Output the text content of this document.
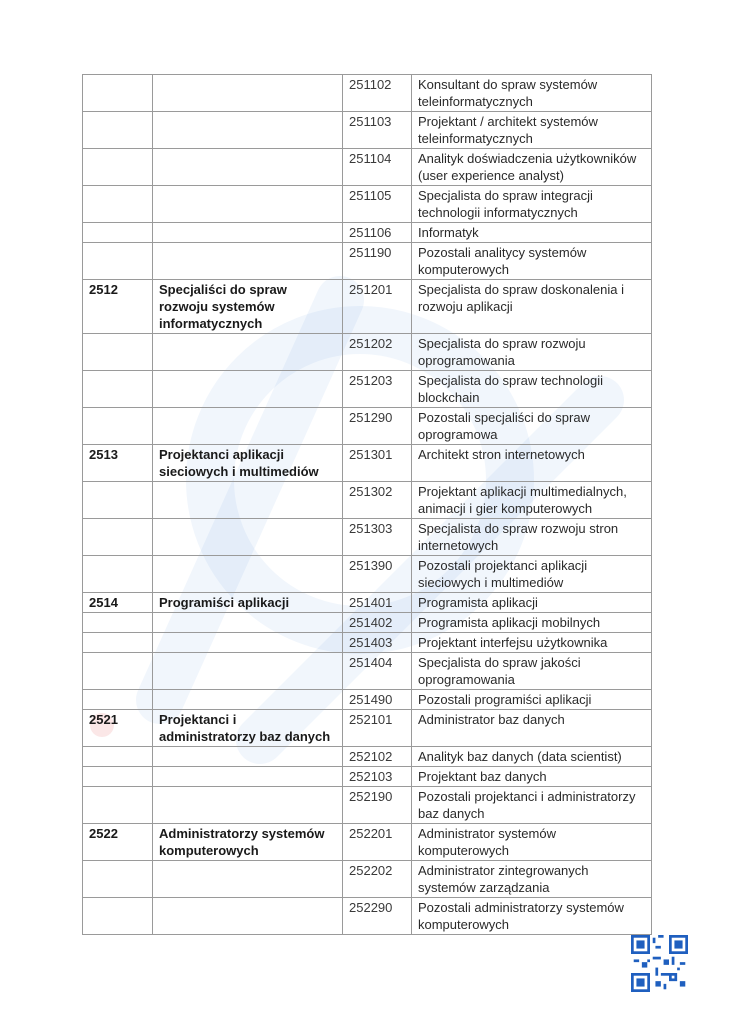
		251102	Konsultant do spraw systemów teleinformatycznych
		251103	Projektant / architekt systemów teleinformatycznych
		251104	Analityk doświadczenia użytkowników (user experience analyst)
		251105	Specjalista do spraw integracji technologii informatycznych
		251106	Informatyk
		251190	Pozostali analitycy systemów komputerowych
2512	Specjaliści do spraw rozwoju systemów informatycznych	251201	Specjalista do spraw doskonalenia i rozwoju aplikacji
		251202	Specjalista do spraw rozwoju oprogramowania
		251203	Specjalista do spraw technologii blockchain
		251290	Pozostali specjaliści do spraw oprogramowa
2513	Projektanci aplikacji sieciowych i multimediów	251301	Architekt stron internetowych
		251302	Projektant aplikacji multimedialnych, animacji i gier komputerowych
		251303	Specjalista do spraw rozwoju stron internetowych
		251390	Pozostali projektanci aplikacji sieciowych i multimediów
2514	Programiści aplikacji	251401	Programista aplikacji
		251402	Programista aplikacji mobilnych
		251403	Projektant interfejsu użytkownika
		251404	Specjalista do spraw jakości oprogramowania
		251490	Pozostali programiści aplikacji
2521	Projektanci i administratorzy baz danych	252101	Administrator baz danych
		252102	Analityk baz danych (data scientist)
		252103	Projektant baz danych
		252190	Pozostali projektanci i administratorzy baz danych
2522	Administratorzy systemów komputerowych	252201	Administrator systemów komputerowych
		252202	Administrator zintegrowanych systemów zarządzania
		252290	Pozostali administratorzy systemów komputerowych
